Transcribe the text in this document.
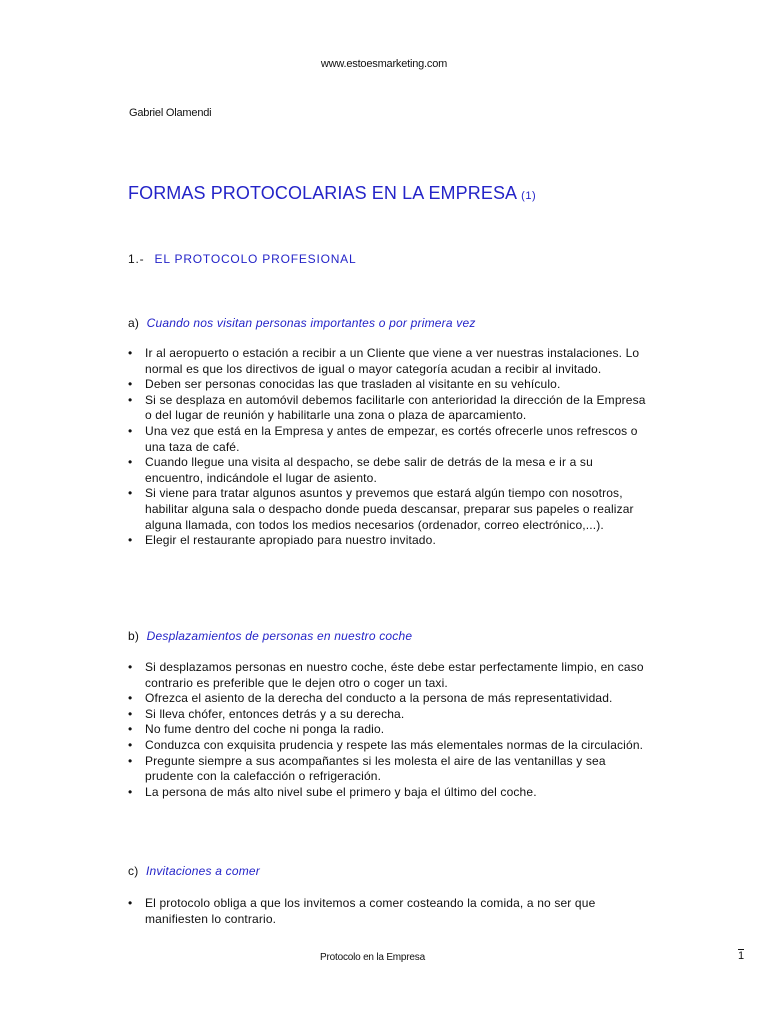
www.estoesmarketing.com
Gabriel Olamendi
FORMAS PROTOCOLARIAS EN LA EMPRESA (1)
1.- EL PROTOCOLO PROFESIONAL
a) Cuando nos visitan personas importantes o por primera vez
• Ir al aeropuerto o estación a recibir a un Cliente que viene a ver nuestras instalaciones. Lo normal es que los directivos de igual o mayor categoría acudan a recibir al invitado.
• Deben ser personas conocidas las que trasladen al visitante en su vehículo.
• Si se desplaza en automóvil debemos facilitarle con anterioridad la dirección de la Empresa o del lugar de reunión y habilitarle una zona o plaza de aparcamiento.
• Una vez que está en la Empresa y antes de empezar, es cortés ofrecerle unos refrescos o una taza de café.
• Cuando llegue una visita al despacho, se debe salir de detrás de la mesa e ir a su encuentro, indicándole el lugar de asiento.
• Si viene para tratar algunos asuntos y prevemos que estará algún tiempo con nosotros, habilitar alguna sala o despacho donde pueda descansar, preparar sus papeles o realizar alguna llamada, con todos los medios necesarios (ordenador, correo electrónico,...).
• Elegir el restaurante apropiado para nuestro invitado.
b) Desplazamientos de personas en nuestro coche
• Si desplazamos personas en nuestro coche, éste debe estar perfectamente limpio, en caso contrario es preferible que le dejen otro o coger un taxi.
• Ofrezca el asiento de la derecha del conducto a la persona de más representatividad.
• Si lleva chófer, entonces detrás y a su derecha.
• No fume dentro del coche ni ponga la radio.
• Conduzca con exquisita prudencia y respete las más elementales normas de la circulación.
• Pregunte siempre a sus acompañantes si les molesta el aire de las ventanillas y sea prudente con la calefacción o refrigeración.
• La persona de más alto nivel sube el primero y baja el último del coche.
c) Invitaciones a comer
• El protocolo obliga a que los invitemos a comer costeando la comida, a no ser que manifiesten lo contrario.
Protocolo en la Empresa	1
